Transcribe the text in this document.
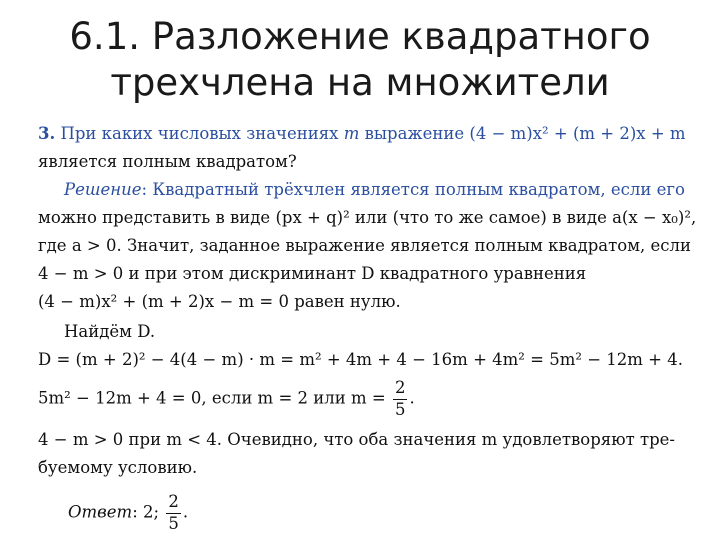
6.1. Разложение квадратного
трехчлена на множители
3. При каких числовых значениях m выражение (4 − m)x² + (m + 2)x + m
является полным квадратом?
Решение: Квадратный трёхчлен является полным квадратом, если его
можно представить в виде (px + q)² или (что то же самое) в виде a(x − x₀)²,
где a > 0. Значит, заданное выражение является полным квадратом, если
4 − m > 0 и при этом дискриминант D квадратного уравнения
(4 − m)x² + (m + 2)x − m = 0 равен нулю.
Найдём D.
D = (m + 2)² − 4(4 − m) · m = m² + 4m + 4 − 16m + 4m² = 5m² − 12m + 4.
5m² − 12m + 4 = 0, если m = 2 или $m = \frac{2}{5}$ .
4 − m > 0 при m < 4. Очевидно, что оба значения m удовлетворяют тре-
буемому условию.
Ответ: 2; $\frac{2}{5}$ .
